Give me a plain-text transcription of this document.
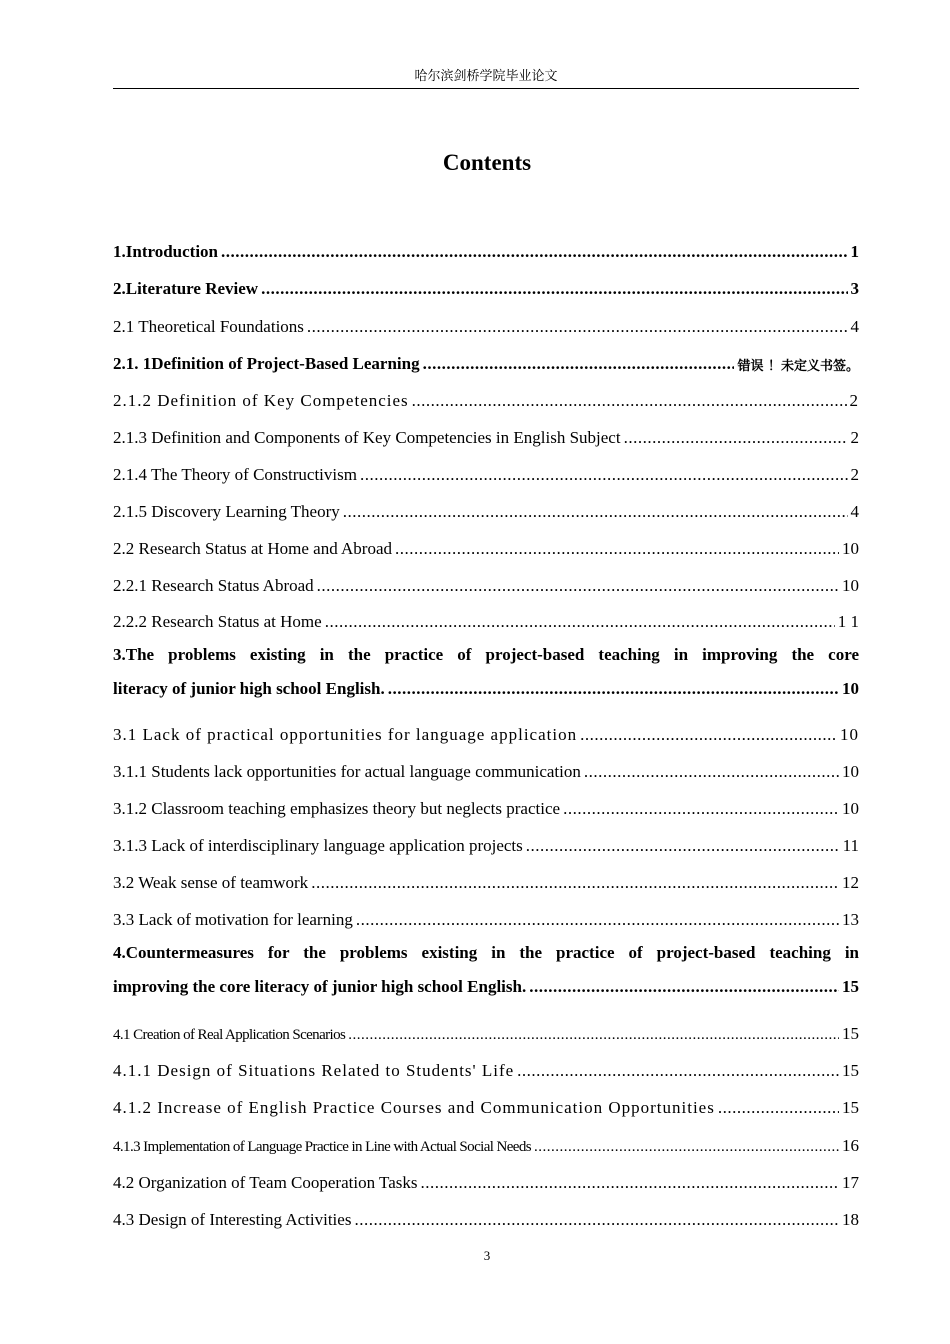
哈尔滨剑桥学院毕业论文
Contents
1.Introduction .....	1
2.Literature Review .....	3
2.1 Theoretical Foundations .....	4
2.1. 1Definition of Project-Based Learning .....	错误 ！未定义书签。
2.1.2 Definition of Key Competencies .....	2
2.1.3 Definition and Components of Key Competencies in English Subject .....	2
2.1.4 The Theory of Constructivism .....	2
2.1.5 Discovery Learning Theory .....	4
2.2 Research Status at Home and Abroad .....	10
2.2.1 Research Status Abroad .....	10
2.2.2 Research Status at Home .....	1 1
3.The problems existing in the practice of project-based teaching in improving the core
literacy of junior high school English. .....	10
3.1 Lack of practical opportunities for language application .....	10
3.1.1 Students lack opportunities for actual language communication .....	10
3.1.2 Classroom teaching emphasizes theory but neglects practice .....	10
3.1.3 Lack of interdisciplinary language application projects .....	11
3.2 Weak sense of teamwork .....	12
3.3 Lack of motivation for learning .....	13
4.Countermeasures for the problems existing in the practice of project-based teaching in
improving the core literacy of junior high school English. .....	15
4.1 Creation of Real Application Scenarios .....	15
4.1.1 Design of Situations Related to Students' Life .....	15
4.1.2 Increase of English Practice Courses and Communication Opportunities .....	15
4.1.3 Implementation of Language Practice in Line with Actual Social Needs .....	16
4.2 Organization of Team Cooperation Tasks .....	17
4.3 Design of Interesting Activities .....	18
3
